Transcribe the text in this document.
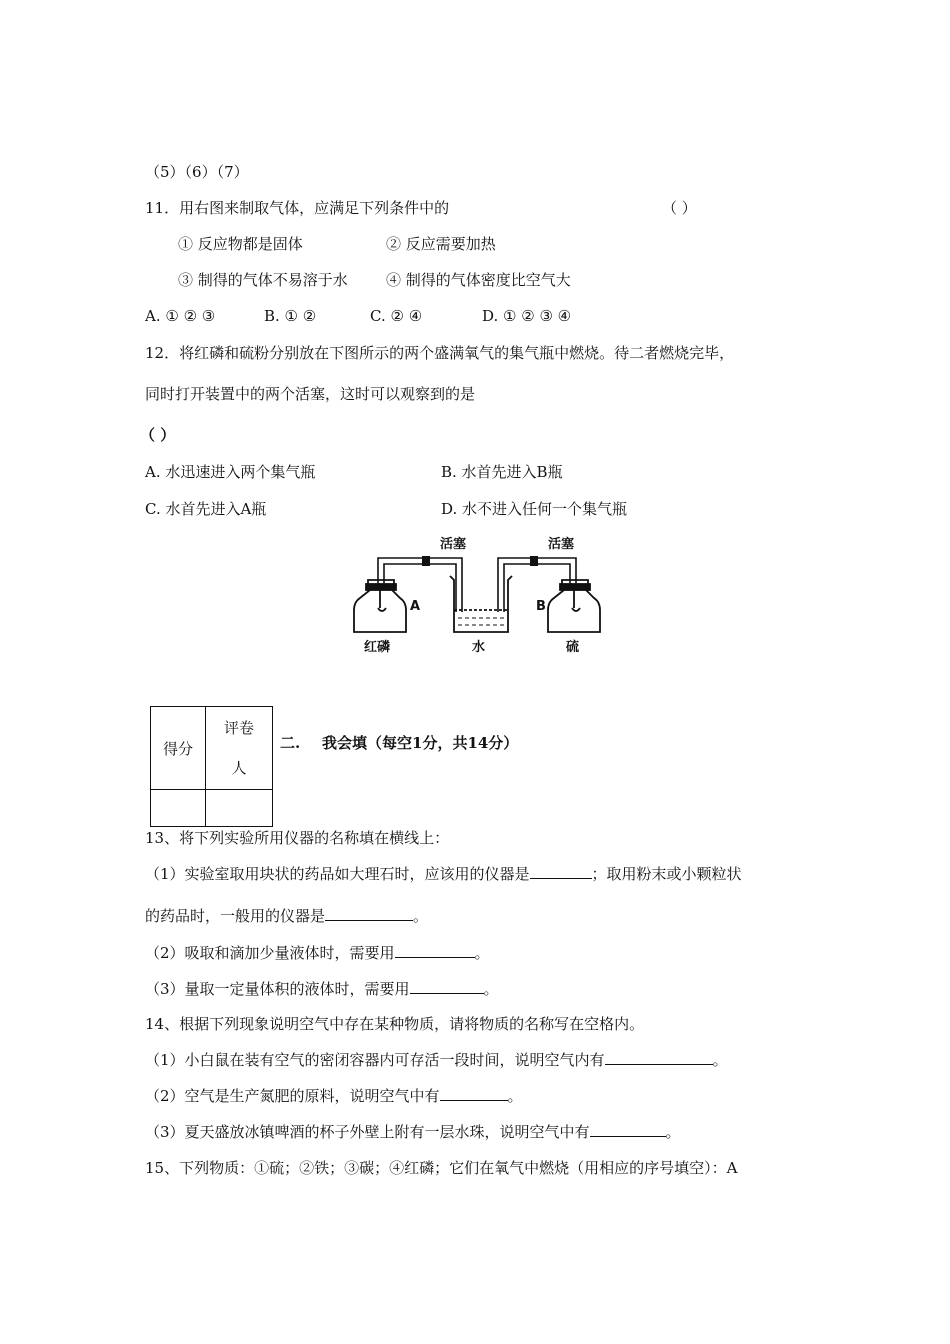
（5）（6）（7）
11．用右图来制取气体，应满足下列条件中的	（ ）
① 反应物都是固体	② 反应需要加热
③ 制得的气体不易溶于水	④ 制得的气体密度比空气大
A. ① ② ③	B. ① ②	C. ② ④	D. ① ② ③ ④
12．将红磷和硫粉分别放在下图所示的两个盛满氧气的集气瓶中燃烧。待二者燃烧完毕，
同时打开装置中的两个活塞，这时可以观察到的是
（ ）
A. 水迅速进入两个集气瓶	B. 水首先进入B瓶
C. 水首先进入A瓶	D. 水不进入任何一个集气瓶
活塞	活塞
A	B
红磷	水	硫
得分	评卷
人

二. 我会填（每空1分，共14分）
13、将下列实验所用仪器的名称填在横线上：
（1）实验室取用块状的药品如大理石时，应该用的仪器是	；取用粉末或小颗粒状
的药品时，一般用的仪器是	。
（2）吸取和滴加少量液体时，需要用	。
（3）量取一定量体积的液体时，需要用	。
14、根据下列现象说明空气中存在某种物质，请将物质的名称写在空格内。
（1）小白鼠在装有空气的密闭容器内可存活一段时间，说明空气内有	。
（2）空气是生产氮肥的原料，说明空气中有	。
（3）夏天盛放冰镇啤酒的杯子外壁上附有一层水珠，说明空气中有	。
15、下列物质：①硫；②铁；③碳；④红磷；它们在氧气中燃烧（用相应的序号填空）：A
